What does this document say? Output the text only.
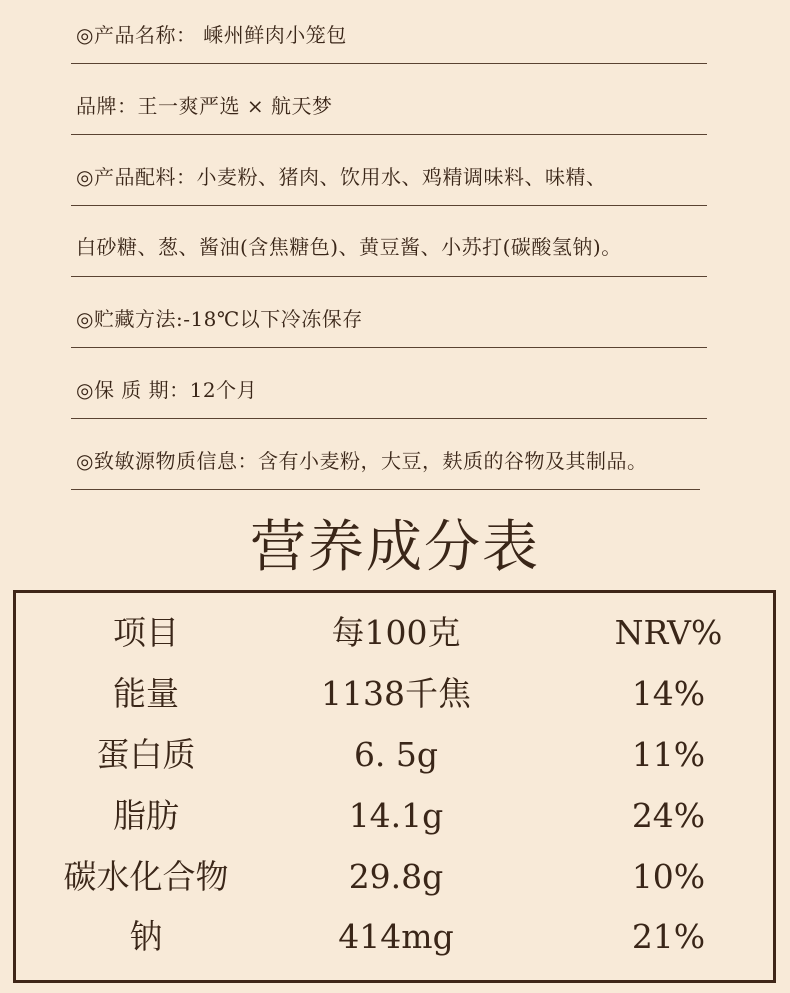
◎产品名称： 嵊州鲜肉小笼包
品牌：王一爽严选 × 航天梦
◎产品配料：小麦粉、猪肉、饮用水、鸡精调味料、味精、
白砂糖、葱、酱油(含焦糖色)、黄豆酱、小苏打(碳酸氢钠)。
◎贮藏方法:-18℃以下冷冻保存
◎保 质 期：12个月
◎致敏源物质信息：含有小麦粉，大豆，麸质的谷物及其制品。
营养成分表
项目	每100克	NRV%
能量	1138千焦	14%
蛋白质	6. 5g	11%
脂肪	14.1g	24%
碳水化合物	29.8g	10%
钠	414mg	21%
